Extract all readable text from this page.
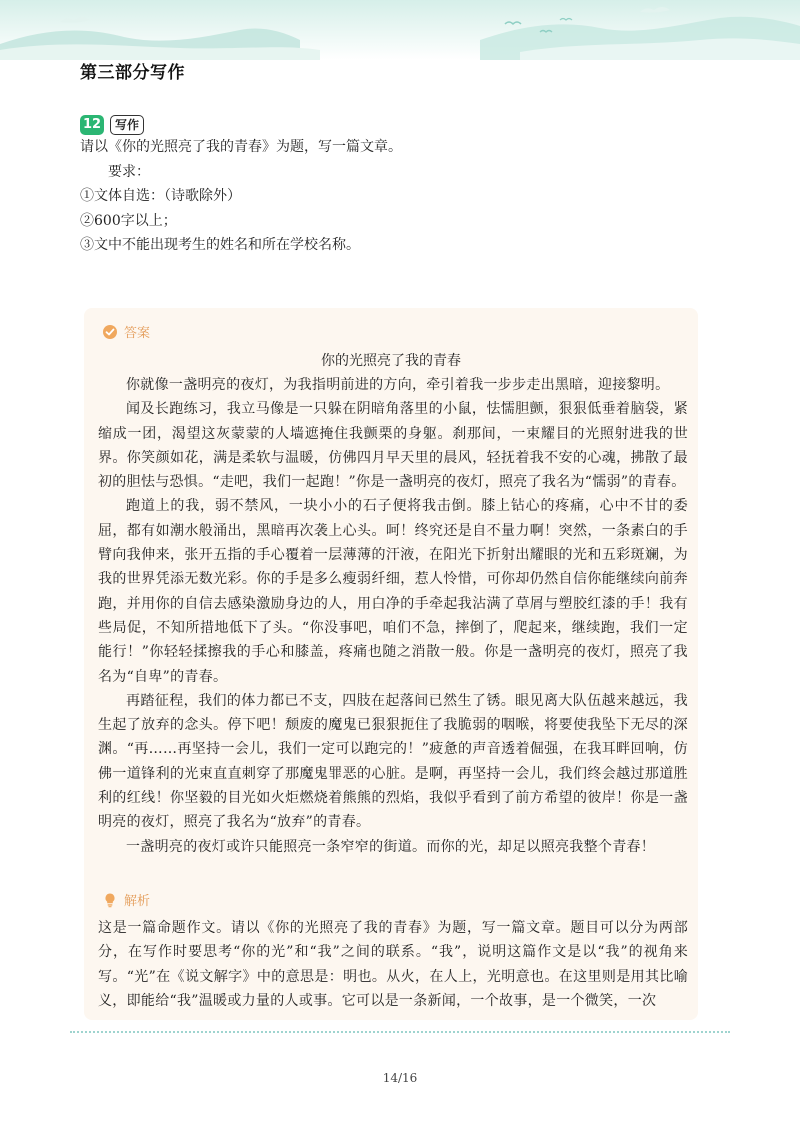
第三部分写作
12	写作

请以《你的光照亮了我的青春》为题，写一篇文章。

要求：

①文体自选：（诗歌除外）

②600字以上；

③文中不能出现考生的姓名和所在学校名称。

答案
你的光照亮了我的青春

你就像一盏明亮的夜灯，为我指明前进的方向，牵引着我一步步走出黑暗，迎接黎明。

闻及长跑练习，我立马像是一只躲在阴暗角落里的小鼠，怯懦胆颤，狠狠低垂着脑袋，紧缩成一团，渴望这灰蒙蒙的人墙遮掩住我颤栗的身躯。刹那间，一束耀目的光照射进我的世界。你笑颜如花，满是柔软与温暖，仿佛四月早天里的晨风，轻抚着我不安的心魂，拂散了最初的胆怯与恐惧。“走吧，我们一起跑！”你是一盏明亮的夜灯，照亮了我名为“懦弱”的青春。

跑道上的我，弱不禁风，一块小小的石子便将我击倒。膝上钻心的疼痛，心中不甘的委屈，都有如潮水般涌出，黑暗再次袭上心头。呵！终究还是自不量力啊！突然，一条素白的手臂向我伸来，张开五指的手心覆着一层薄薄的汗液，在阳光下折射出耀眼的光和五彩斑斓，为我的世界凭添无数光彩。你的手是多么瘦弱纤细，惹人怜惜，可你却仍然自信你能继续向前奔跑，并用你的自信去感染激励身边的人，用白净的手牵起我沾满了草屑与塑胶红漆的手！我有些局促，不知所措地低下了头。“你没事吧，咱们不急，摔倒了，爬起来，继续跑，我们一定能行！”你轻轻揉擦我的手心和膝盖，疼痛也随之消散一般。你是一盏明亮的夜灯，照亮了我名为“自卑”的青春。

再踏征程，我们的体力都已不支，四肢在起落间已然生了锈。眼见离大队伍越来越远，我生起了放弃的念头。停下吧！颓废的魔鬼已狠狠扼住了我脆弱的咽喉，将要使我坠下无尽的深渊。“再……再坚持一会儿，我们一定可以跑完的！”疲惫的声音透着倔强，在我耳畔回响，仿佛一道锋利的光束直直刺穿了那魔鬼罪恶的心脏。是啊，再坚持一会儿，我们终会越过那道胜利的红线！你坚毅的目光如火炬燃烧着熊熊的烈焰，我似乎看到了前方希望的彼岸！你是一盏明亮的夜灯，照亮了我名为“放弃”的青春。

一盏明亮的夜灯或许只能照亮一条窄窄的街道。而你的光，却足以照亮我整个青春！

解析
这是一篇命题作文。请以《你的光照亮了我的青春》为题，写一篇文章。题目可以分为两部分，在写作时要思考“你的光”和“我”之间的联系。“我”，说明这篇作文是以“我”的视角来写。“光”在《说文解字》中的意思是：明也。从火，在人上，光明意也。在这里则是用其比喻义，即能给“我”温暖或力量的人或事。它可以是一条新闻，一个故事，是一个微笑，一次
14/16
